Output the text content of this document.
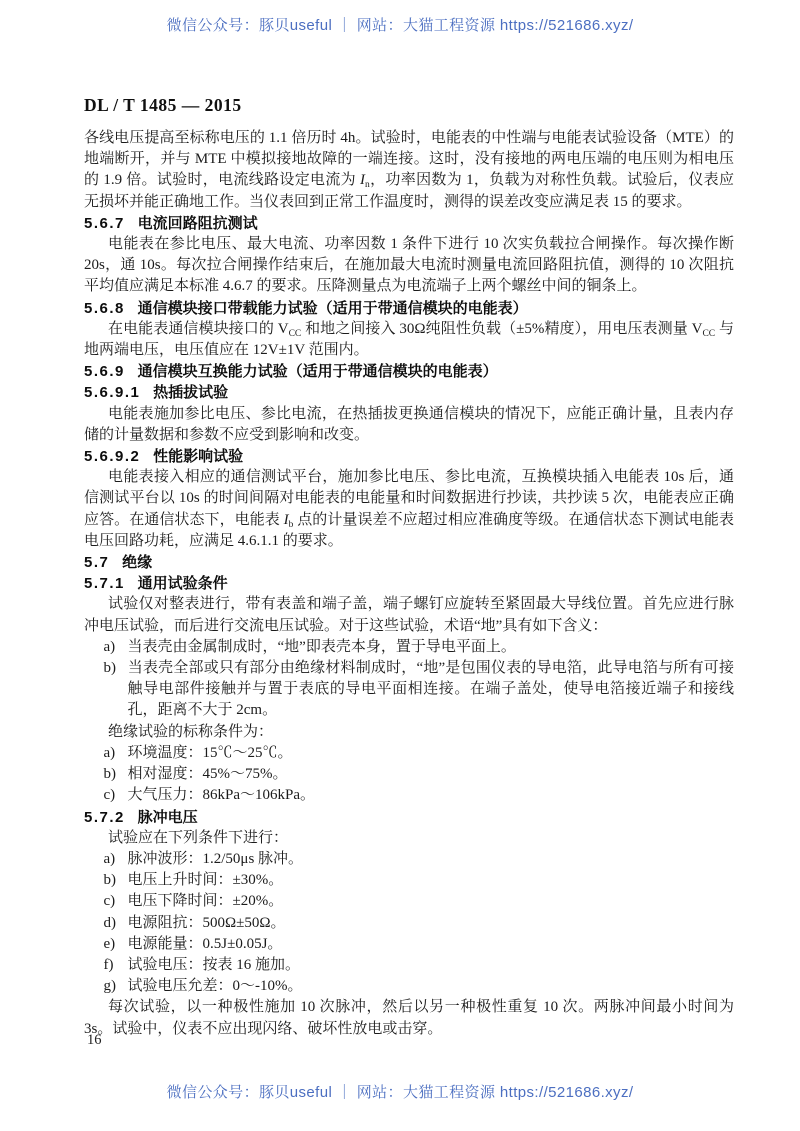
微信公众号：豚贝useful ｜ 网站：大猫工程资源 https://521686.xyz/
DL / T 1485 — 2015
各线电压提高至标称电压的 1.1 倍历时 4h。试验时，电能表的中性端与电能表试验设备（MTE）的地端断开，并与 MTE 中模拟接地故障的一端连接。这时，没有接地的两电压端的电压则为相电压的 1.9 倍。试验时，电流线路设定电流为 $I_n$，功率因数为 1，负载为对称性负载。试验后，仪表应无损坏并能正确地工作。当仪表回到正常工作温度时，测得的误差改变应满足表 15 的要求。
5.6.7 电流回路阻抗测试
电能表在参比电压、最大电流、功率因数 1 条件下进行 10 次实负载拉合闸操作。每次操作断 20s，通 10s。每次拉合闸操作结束后，在施加最大电流时测量电流回路阻抗值，测得的 10 次阻抗平均值应满足本标准 4.6.7 的要求。压降测量点为电流端子上两个螺丝中间的铜条上。
5.6.8 通信模块接口带载能力试验（适用于带通信模块的电能表）
在电能表通信模块接口的 $V_{CC}$ 和地之间接入 30Ω纯阻性负载（±5%精度），用电压表测量 $V_{CC}$ 与地两端电压，电压值应在 12V±1V 范围内。
5.6.9 通信模块互换能力试验（适用于带通信模块的电能表）
5.6.9.1 热插拔试验
电能表施加参比电压、参比电流，在热插拔更换通信模块的情况下，应能正确计量，且表内存储的计量数据和参数不应受到影响和改变。
5.6.9.2 性能影响试验
电能表接入相应的通信测试平台，施加参比电压、参比电流，互换模块插入电能表 10s 后，通信测试平台以 10s 的时间间隔对电能表的电能量和时间数据进行抄读，共抄读 5 次，电能表应正确应答。在通信状态下，电能表 $I_b$ 点的计量误差不应超过相应准确度等级。在通信状态下测试电能表电压回路功耗，应满足 4.6.1.1 的要求。
5.7 绝缘
5.7.1 通用试验条件
试验仅对整表进行，带有表盖和端子盖，端子螺钉应旋转至紧固最大导线位置。首先应进行脉冲电压试验，而后进行交流电压试验。对于这些试验，术语“地”具有如下含义：
a) 当表壳由金属制成时，“地”即表壳本身，置于导电平面上。
b) 当表壳全部或只有部分由绝缘材料制成时，“地”是包围仪表的导电箔，此导电箔与所有可接触导电部件接触并与置于表底的导电平面相连接。在端子盖处，使导电箔接近端子和接线孔，距离不大于 2cm。
绝缘试验的标称条件为：
a) 环境温度：15℃～25℃。
b) 相对湿度：45%～75%。
c) 大气压力：86kPa～106kPa。
5.7.2 脉冲电压
试验应在下列条件下进行：
a) 脉冲波形：1.2/50μs 脉冲。
b) 电压上升时间：±30%。
c) 电压下降时间：±20%。
d) 电源阻抗：500Ω±50Ω。
e) 电源能量：0.5J±0.05J。
f) 试验电压：按表 16 施加。
g) 试验电压允差：0～-10%。
每次试验，以一种极性施加 10 次脉冲，然后以另一种极性重复 10 次。两脉冲间最小时间为 3s。试验中，仪表不应出现闪络、破坏性放电或击穿。
16
微信公众号：豚贝useful ｜ 网站：大猫工程资源 https://521686.xyz/
